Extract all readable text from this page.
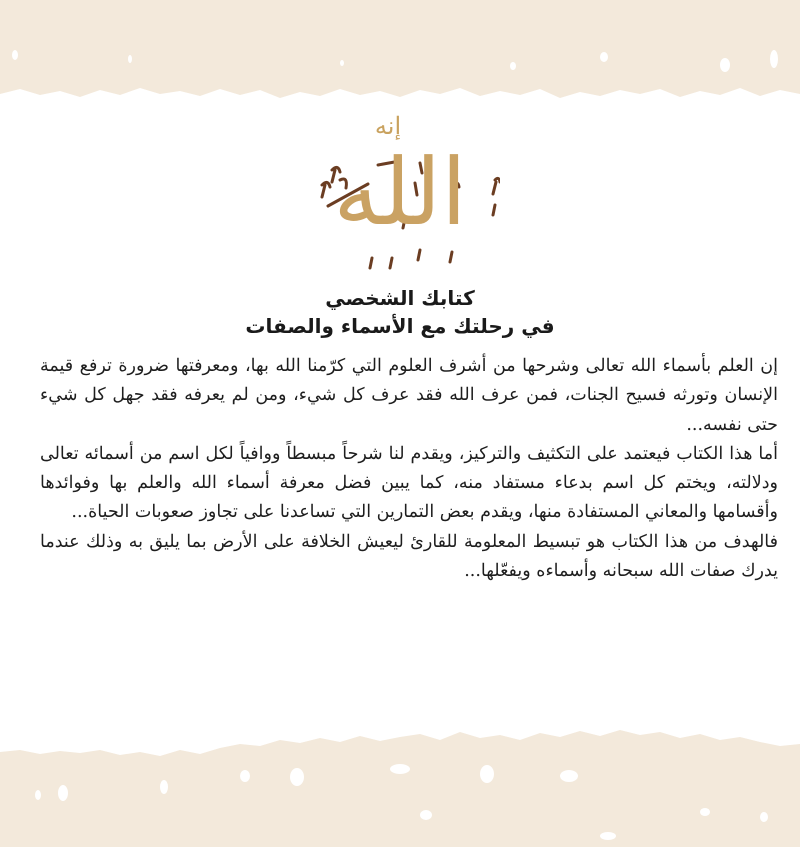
إنه
الله
كتابك الشخصي
في رحلتك مع الأسماء والصفات

إن العلم بأسماء الله تعالى وشرحها من أشرف العلوم التي كرّمنا الله بها، ومعرفتها ضرورة ترفع قيمة الإنسان وتورثه فسيح الجنات، فمن عرف الله فقد عرف كل شيء، ومن لم يعرفه فقد جهل كل شيء حتى نفسه...

أما هذا الكتاب فيعتمد على التكثيف والتركيز، ويقدم لنا شرحاً مبسطاً ووافياً لكل اسم من أسمائه تعالى ودلالته، ويختم كل اسم بدعاء مستفاد منه، كما يبين فضل معرفة أسماء الله والعلم بها وفوائدها وأقسامها والمعاني المستفادة منها، ويقدم بعض التمارين التي تساعدنا على تجاوز صعوبات الحياة...

فالهدف من هذا الكتاب هو تبسيط المعلومة للقارئ ليعيش الخلافة على الأرض بما يليق به وذلك عندما يدرك صفات الله سبحانه وأسماءه ويفعّلها...
